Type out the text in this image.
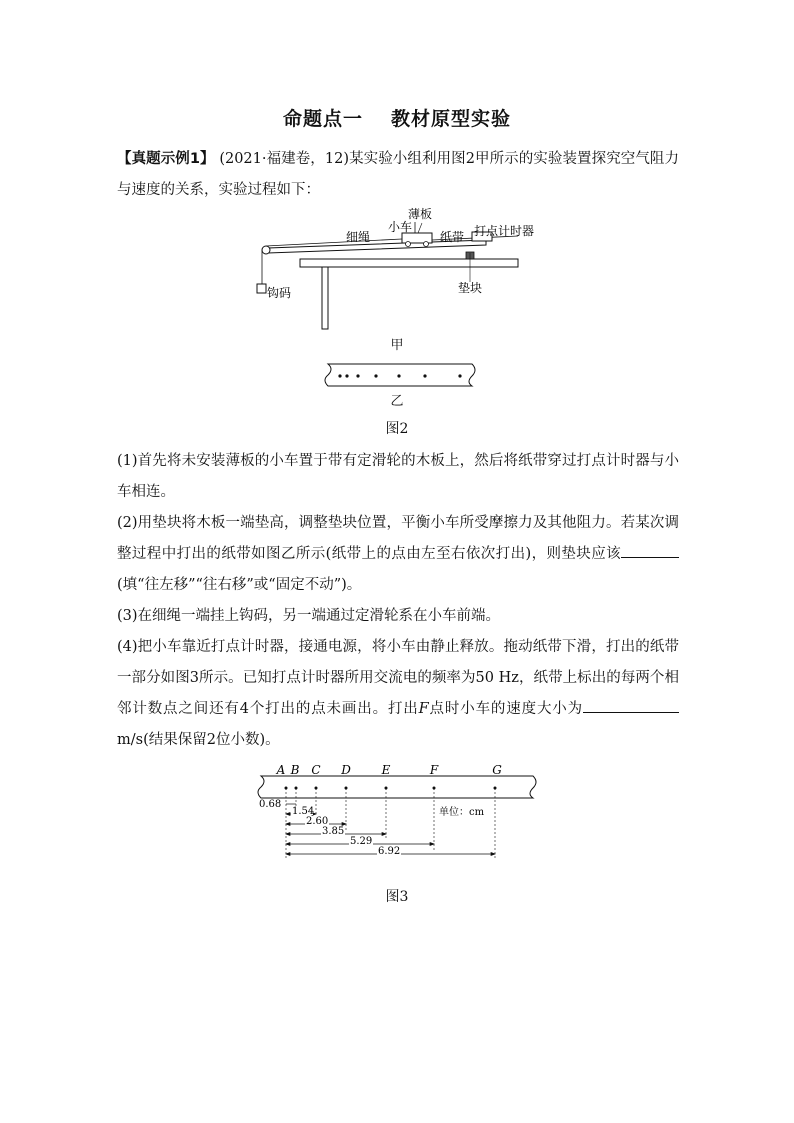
命题点一 教材原型实验
【真题示例1】 (2021·福建卷，12)某实验小组利用图2甲所示的实验装置探究空气阻力与速度的关系，实验过程如下：
薄板
小车
细绳	纸带 打点计时器
钩码	垫块
甲
乙
图2
(1)首先将未安装薄板的小车置于带有定滑轮的木板上，然后将纸带穿过打点计时器与小车相连。
(2)用垫块将木板一端垫高，调整垫块位置，平衡小车所受摩擦力及其他阻力。若某次调整过程中打出的纸带如图乙所示(纸带上的点由左至右依次打出)，则垫块应该(填“往左移”“往右移”或“固定不动”)。
(3)在细绳一端挂上钩码，另一端通过定滑轮系在小车前端。
(4)把小车靠近打点计时器，接通电源，将小车由静止释放。拖动纸带下滑，打出的纸带一部分如图3所示。已知打点计时器所用交流电的频率为50 Hz，纸带上标出的每两个相邻计数点之间还有4个打出的点未画出。打出F点时小车的速度大小为 m/s(结果保留2位小数)。
A B C D	E	F	G
0.68
1.54
2.60
3.85
5.29
6.92
单位：cm
图3
